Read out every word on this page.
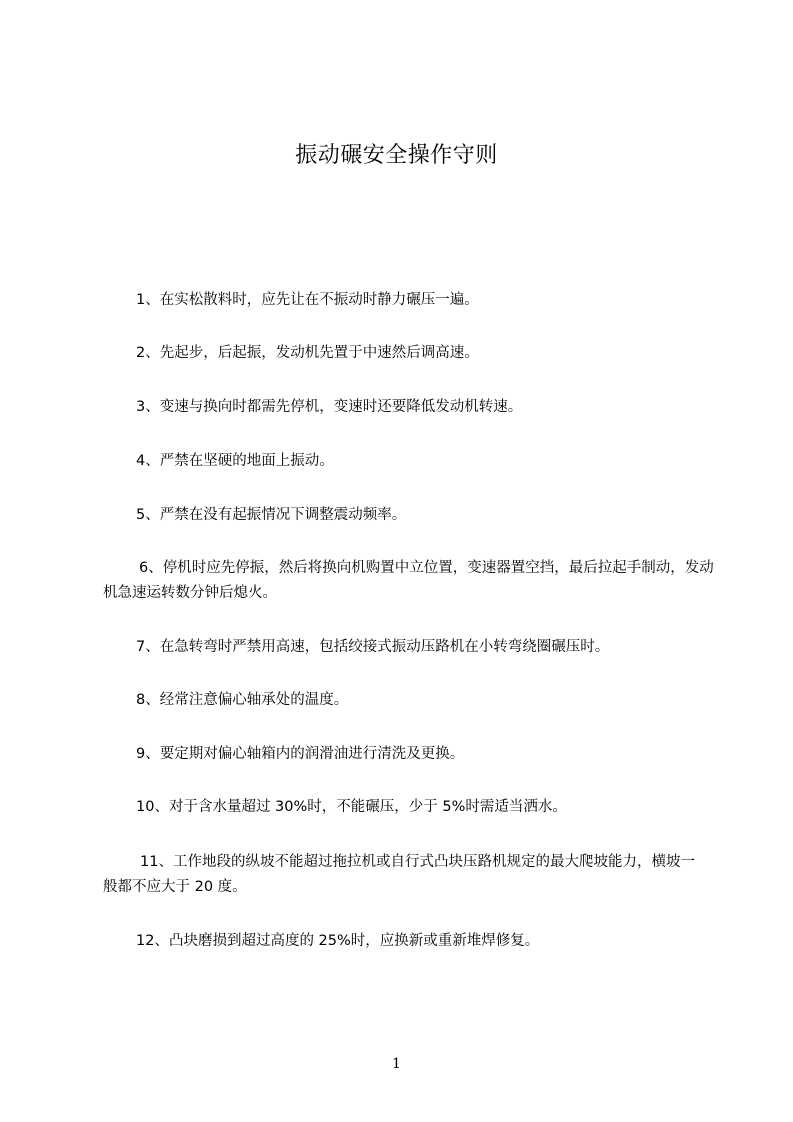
振动碾安全操作守则
1、在实松散料时，应先让在不振动时静力碾压一遍。
2、先起步，后起振，发动机先置于中速然后调高速。
3、变速与换向时都需先停机，变速时还要降低发动机转速。
4、严禁在坚硬的地面上振动。
5、严禁在没有起振情况下调整震动频率。
6、停机时应先停振，然后将换向机购置中立位置，变速器置空挡，最后拉起手制动，发动机急速运转数分钟后熄火。
7、在急转弯时严禁用高速，包括绞接式振动压路机在小转弯绕圈碾压时。
8、经常注意偏心轴承处的温度。
9、要定期对偏心轴箱内的润滑油进行清洗及更换。
10、对于含水量超过 30%时，不能碾压，少于 5%时需适当洒水。
11、工作地段的纵坡不能超过拖拉机或自行式凸块压路机规定的最大爬坡能力，横坡一般都不应大于 20 度。
12、凸块磨损到超过高度的 25%时，应换新或重新堆焊修复。
1
